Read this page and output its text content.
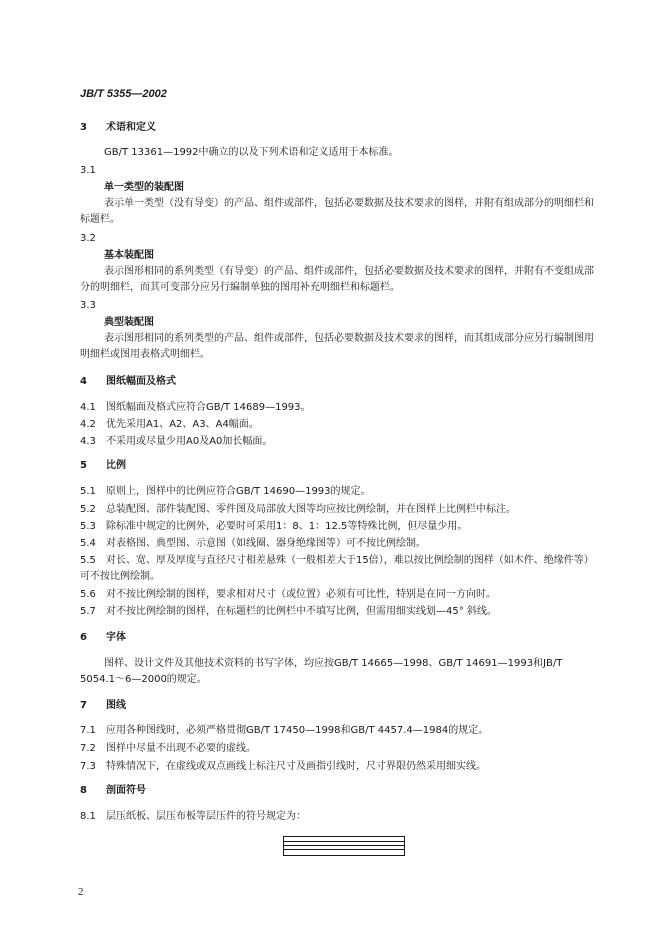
JB/T 5355—2002
3 术语和定义
GB/T 13361—1992中确立的以及下列术语和定义适用于本标准。
3.1
单一类型的装配图
表示单一类型（没有导变）的产品、组件或部件，包括必要数据及技术要求的图样，并附有组成部分的明细栏和标题栏。
3.2
基本装配图
表示图形相同的系列类型（有导变）的产品、组件或部件，包括必要数据及技术要求的图样，并附有不变组成部分的明细栏，而其可变部分应另行编制单独的图用补充明细栏和标题栏。
3.3
典型装配图
表示图形相同的系列类型的产品、组件或部件，包括必要数据及技术要求的图样，而其组成部分应另行编制图用明细栏或图用表格式明细栏。
4 图纸幅面及格式
4.1 图纸幅面及格式应符合GB/T 14689—1993。
4.2 优先采用A1、A2、A3、A4幅面。
4.3 不采用或尽量少用A0及A0加长幅面。
5 比例
5.1 原则上，图样中的比例应符合GB/T 14690—1993的规定。
5.2 总装配图、部件装配图、零件图及局部放大图等均应按比例绘制，并在图样上比例栏中标注。
5.3 除标准中规定的比例外，必要时可采用1：8、1：12.5等特殊比例，但尽量少用。
5.4 对表格图、典型图、示意图（如线圈、器身绝缘图等）可不按比例绘制。
5.5 对长、宽、厚及厚度与直径尺寸相差悬殊（一般相差大于15倍），难以按比例绘制的图样（如木件、绝缘件等）可不按比例绘制。
5.6 对不按比例绘制的图样，要求相对尺寸（或位置）必须有可比性，特别是在同一方向时。
5.7 对不按比例绘制的图样，在标题栏的比例栏中不填写比例，但需用细实线划—45° 斜线。
6 字体
图样、设计文件及其他技术资料的书写字体，均应按GB/T 14665—1998、GB/T 14691—1993和JB/T 5054.1～6—2000的规定。
7 图线
7.1 应用各种图线时，必须严格贯彻GB/T 17450—1998和GB/T 4457.4—1984的规定。
7.2 图样中尽量不出现不必要的虚线。
7.3 特殊情况下，在虚线或双点画线上标注尺寸及画指引线时，尺寸界限仍然采用细实线。
8 剖面符号
8.1 层压纸板、层压布板等层压件的符号规定为：
2
